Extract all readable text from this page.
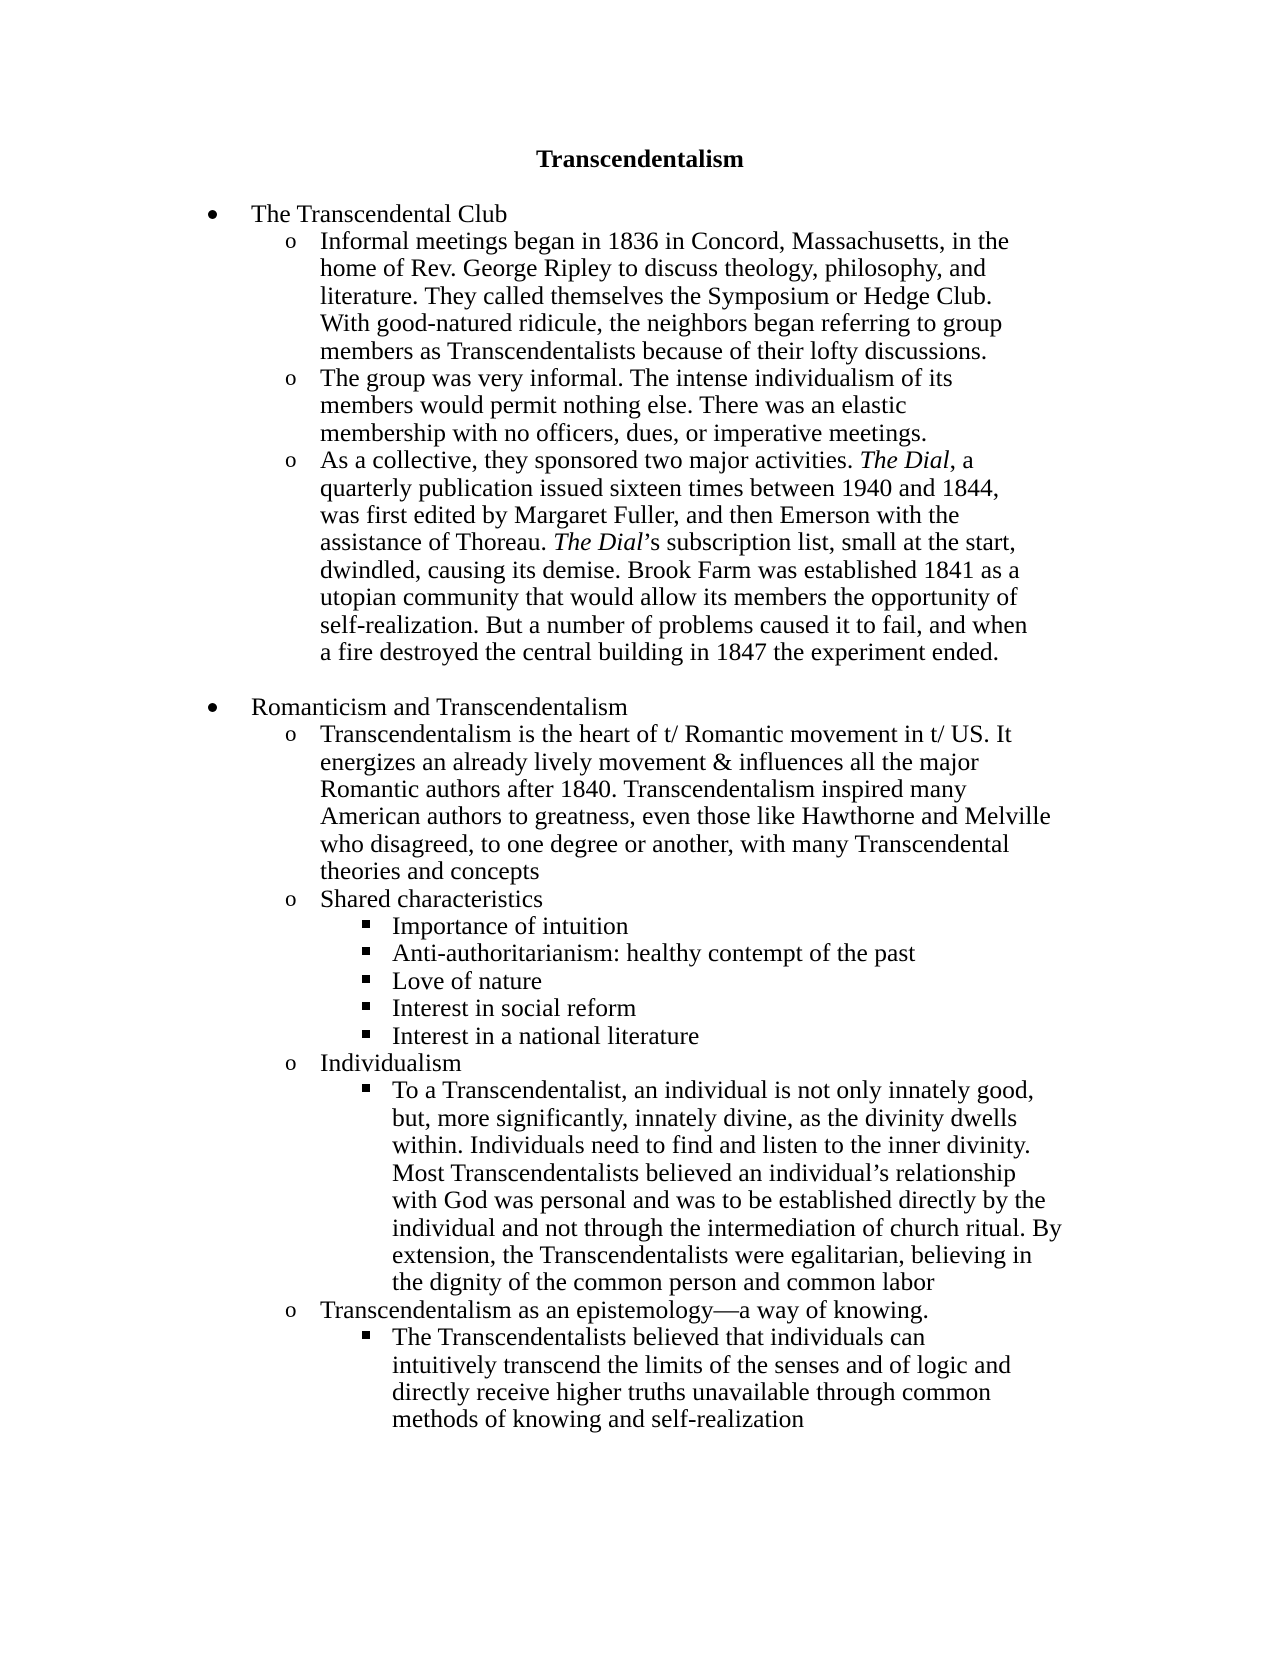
Transcendentalism
The Transcendental Club
o Informal meetings began in 1836 in Concord, Massachusetts, in the home of Rev. George Ripley to discuss theology, philosophy, and literature. They called themselves the Symposium or Hedge Club. With good-natured ridicule, the neighbors began referring to group members as Transcendentalists because of their lofty discussions.
o The group was very informal. The intense individualism of its members would permit nothing else. There was an elastic membership with no officers, dues, or imperative meetings.
o As a collective, they sponsored two major activities. The Dial, a quarterly publication issued sixteen times between 1940 and 1844, was first edited by Margaret Fuller, and then Emerson with the assistance of Thoreau. The Dial’s subscription list, small at the start, dwindled, causing its demise. Brook Farm was established 1841 as a utopian community that would allow its members the opportunity of self-realization. But a number of problems caused it to fail, and when a fire destroyed the central building in 1847 the experiment ended.
Romanticism and Transcendentalism
o Transcendentalism is the heart of t/ Romantic movement in t/ US. It energizes an already lively movement & influences all the major Romantic authors after 1840. Transcendentalism inspired many American authors to greatness, even those like Hawthorne and Melville who disagreed, to one degree or another, with many Transcendental theories and concepts
o Shared characteristics
Importance of intuition
Anti-authoritarianism: healthy contempt of the past
Love of nature
Interest in social reform
Interest in a national literature
o Individualism
To a Transcendentalist, an individual is not only innately good, but, more significantly, innately divine, as the divinity dwells within. Individuals need to find and listen to the inner divinity. Most Transcendentalists believed an individual’s relationship with God was personal and was to be established directly by the individual and not through the intermediation of church ritual. By extension, the Transcendentalists were egalitarian, believing in the dignity of the common person and common labor
o Transcendentalism as an epistemology—a way of knowing.
The Transcendentalists believed that individuals can intuitively transcend the limits of the senses and of logic and directly receive higher truths unavailable through common methods of knowing and self-realization
